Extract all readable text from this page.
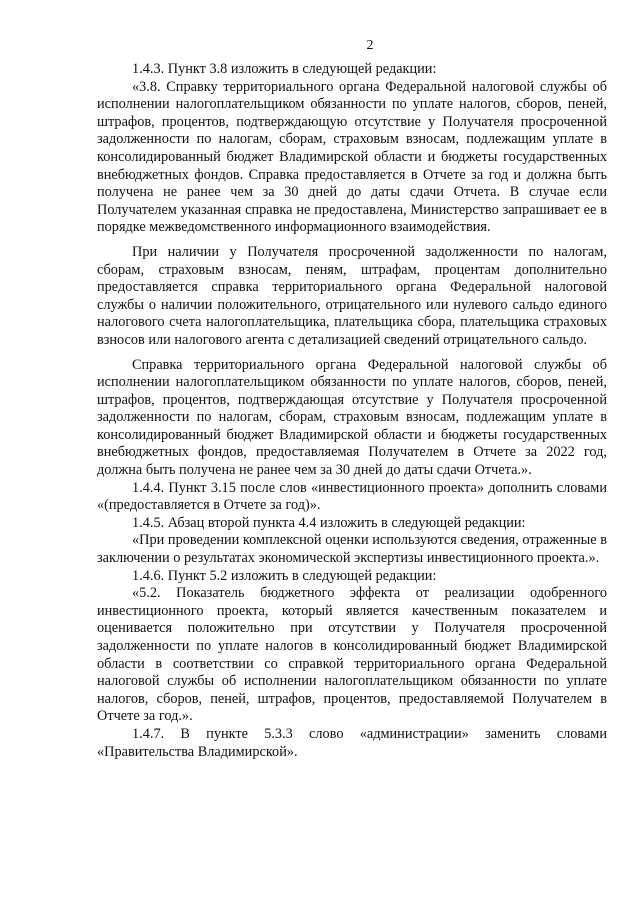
2

1.4.3. Пункт 3.8 изложить в следующей редакции:

«3.8. Справку территориального органа Федеральной налоговой службы об исполнении налогоплательщиком обязанности по уплате налогов, сборов, пеней, штрафов, процентов, подтверждающую отсутствие у Получателя просроченной задолженности по налогам, сборам, страховым взносам, подлежащим уплате в консолидированный бюджет Владимирской области и бюджеты государственных внебюджетных фондов. Справка предоставляется в Отчете за год и должна быть получена не ранее чем за 30 дней до даты сдачи Отчета. В случае если Получателем указанная справка не предоставлена, Министерство запрашивает ее в порядке межведомственного информационного взаимодействия.

При наличии у Получателя просроченной задолженности по налогам, сборам, страховым взносам, пеням, штрафам, процентам дополнительно предоставляется справка территориального органа Федеральной налоговой службы о наличии положительного, отрицательного или нулевого сальдо единого налогового счета налогоплательщика, плательщика сбора, плательщика страховых взносов или налогового агента с детализацией сведений отрицательного сальдо.

Справка территориального органа Федеральной налоговой службы об исполнении налогоплательщиком обязанности по уплате налогов, сборов, пеней, штрафов, процентов, подтверждающая отсутствие у Получателя просроченной задолженности по налогам, сборам, страховым взносам, подлежащим уплате в консолидированный бюджет Владимирской области и бюджеты государственных внебюджетных фондов, предоставляемая Получателем в Отчете за 2022 год, должна быть получена не ранее чем за 30 дней до даты сдачи Отчета.».

1.4.4. Пункт 3.15 после слов «инвестиционного проекта» дополнить словами «(предоставляется в Отчете за год)».

1.4.5. Абзац второй пункта 4.4 изложить в следующей редакции:

«При проведении комплексной оценки используются сведения, отраженные в заключении о результатах экономической экспертизы инвестиционного проекта.».

1.4.6. Пункт 5.2 изложить в следующей редакции:

«5.2. Показатель бюджетного эффекта от реализации одобренного инвестиционного проекта, который является качественным показателем и оценивается положительно при отсутствии у Получателя просроченной задолженности по уплате налогов в консолидированный бюджет Владимирской области в соответствии со справкой территориального органа Федеральной налоговой службы об исполнении налогоплательщиком обязанности по уплате налогов, сборов, пеней, штрафов, процентов, предоставляемой Получателем в Отчете за год.».

1.4.7. В пункте 5.3.3 слово «администрации» заменить словами «Правительства Владимирской».
